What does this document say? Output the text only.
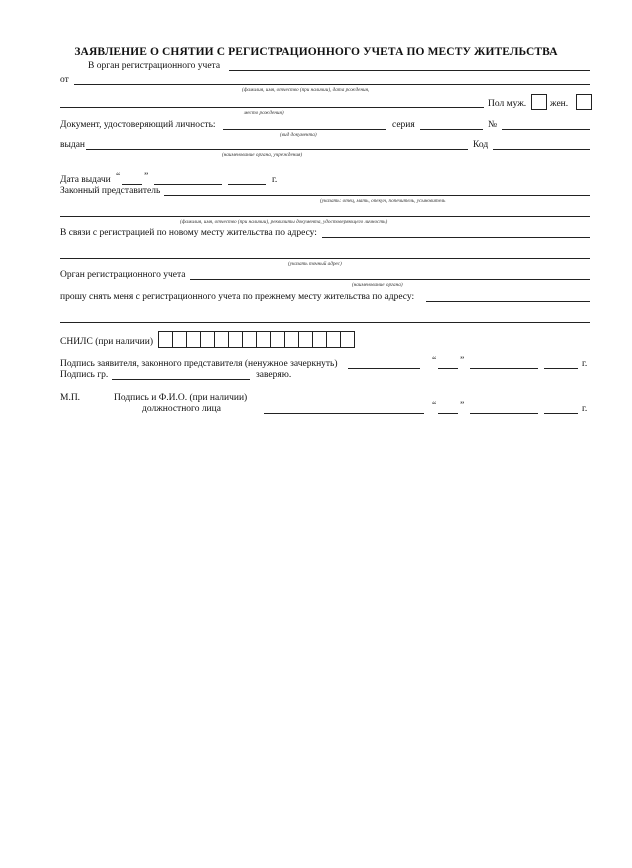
ЗАЯВЛЕНИЕ О СНЯТИИ С РЕГИСТРАЦИОННОГО УЧЕТА ПО МЕСТУ ЖИТЕЛЬСТВА
В орган регистрационного учета
от
(фамилия, имя, отчество (при наличии), дата рождения,
место рождения)
Пол муж.	жен.
Документ, удостоверяющий личность:	серия	№
(вид документа)
выдан	Код
(наименование органа, учреждения)
Дата выдачи “	”	г.
Законный представитель
(указать: отец, мать, опекун, попечитель, усыновитель
(фамилия, имя, отчество (при наличии), реквизиты документа, удостоверяющего личность)
В связи с регистрацией по новому месту жительства по адресу:
(указать точный адрес)
Орган регистрационного учета
(наименование органа)
прошу снять меня с регистрационного учета по прежнему месту жительства по адресу:
СНИЛС (при наличии)
Подпись заявителя, законного представителя (ненужное зачеркнуть)	“	”	г.
Подпись гр.	заверяю.
М.П.	Подпись и Ф.И.О. (при наличии)
должностного лица	“	”	г.
